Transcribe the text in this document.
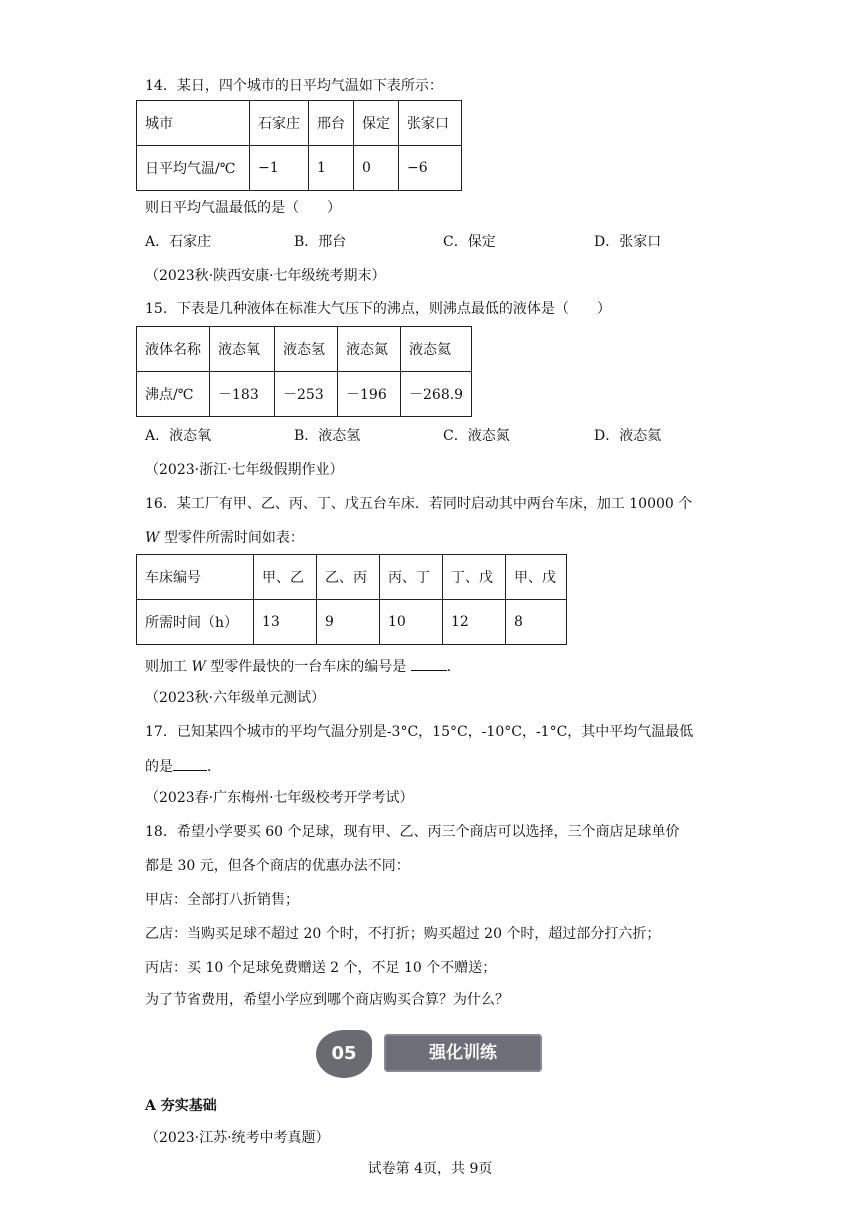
14．某日，四个城市的日平均气温如下表所示：
城市	石家庄	邢台	保定	张家口
日平均气温/℃	−1	1	0	−6
则日平均气温最低的是（　　）
A．石家庄	B．邢台	C．保定	D．张家口
（2023秋·陕西安康·七年级统考期末）
15．下表是几种液体在标准大气压下的沸点，则沸点最低的液体是（　　）
液体名称	液态氧	液态氢	液态氮	液态氦
沸点/℃	－183	－253	－196	－268.9
A．液态氧	B．液态氢	C．液态氮	D．液态氦
（2023·浙江·七年级假期作业）
16．某工厂有甲、乙、丙、丁、戊五台车床．若同时启动其中两台车床，加工 10000 个
W 型零件所需时间如表：
车床编号	甲、乙	乙、丙	丙、丁	丁、戊	甲、戊
所需时间（h）	13	9	10	12	8
则加工 W 型零件最快的一台车床的编号是	．
（2023秋·六年级单元测试）
17．已知某四个城市的平均气温分别是-3°C，15°C，-10°C，-1°C，其中平均气温最低
的是 ．
（2023春·广东梅州·七年级校考开学考试）
18．希望小学要买 60 个足球，现有甲、乙、丙三个商店可以选择，三个商店足球单价
都是 30 元，但各个商店的优惠办法不同：
甲店：全部打八折销售；
乙店：当购买足球不超过 20 个时，不打折；购买超过 20 个时，超过部分打六折；
丙店：买 10 个足球免费赠送 2 个，不足 10 个不赠送；
为了节省费用，希望小学应到哪个商店购买合算？为什么？
05	强化训练
A 夯实基础
（2023·江苏·统考中考真题）
试卷第 4页，共 9页
